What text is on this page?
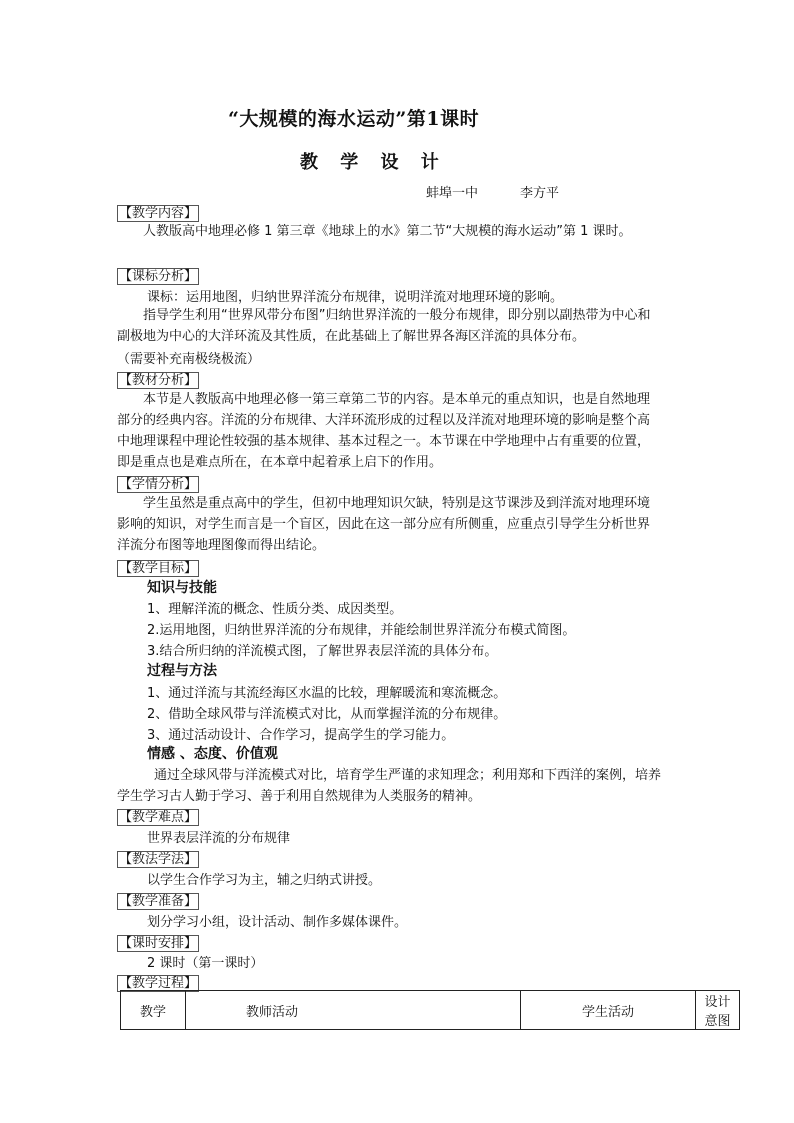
“大规模的海水运动”第1课时
教 学 设 计
蚌埠一中	李方平
【教学内容】
人教版高中地理必修 1 第三章《地球上的水》第二节“大规模的海水运动”第 1 课时。
【课标分析】
课标：运用地图，归纳世界洋流分布规律，说明洋流对地理环境的影响。
指导学生利用“世界风带分布图”归纳世界洋流的一般分布规律，即分别以副热带为中心和副极地为中心的大洋环流及其性质，在此基础上了解世界各海区洋流的具体分布。
（需要补充南极绕极流）
【教材分析】
本节是人教版高中地理必修一第三章第二节的内容。是本单元的重点知识，也是自然地理部分的经典内容。洋流的分布规律、大洋环流形成的过程以及洋流对地理环境的影响是整个高中地理课程中理论性较强的基本规律、基本过程之一。本节课在中学地理中占有重要的位置，即是重点也是难点所在，在本章中起着承上启下的作用。
【学情分析】
学生虽然是重点高中的学生，但初中地理知识欠缺，特别是这节课涉及到洋流对地理环境影响的知识，对学生而言是一个盲区，因此在这一部分应有所侧重，应重点引导学生分析世界洋流分布图等地理图像而得出结论。
【教学目标】
知识与技能
1、理解洋流的概念、性质分类、成因类型。
2.运用地图，归纳世界洋流的分布规律，并能绘制世界洋流分布模式简图。
3.结合所归纳的洋流模式图，了解世界表层洋流的具体分布。
过程与方法
1、通过洋流与其流经海区水温的比较，理解暖流和寒流概念。
2、借助全球风带与洋流模式对比，从而掌握洋流的分布规律。
3、通过活动设计、合作学习，提高学生的学习能力。
情感 、态度、价值观
通过全球风带与洋流模式对比，培育学生严谨的求知理念；利用郑和下西洋的案例，培养学生学习古人勤于学习、善于利用自然规律为人类服务的精神。
【教学难点】
世界表层洋流的分布规律
【教法学法】
以学生合作学习为主，辅之归纳式讲授。
【教学准备】
划分学习小组，设计活动、制作多媒体课件。
【课时安排】
2 课时（第一课时）
【教学过程】
教学	教师活动	学生活动	设计意图
